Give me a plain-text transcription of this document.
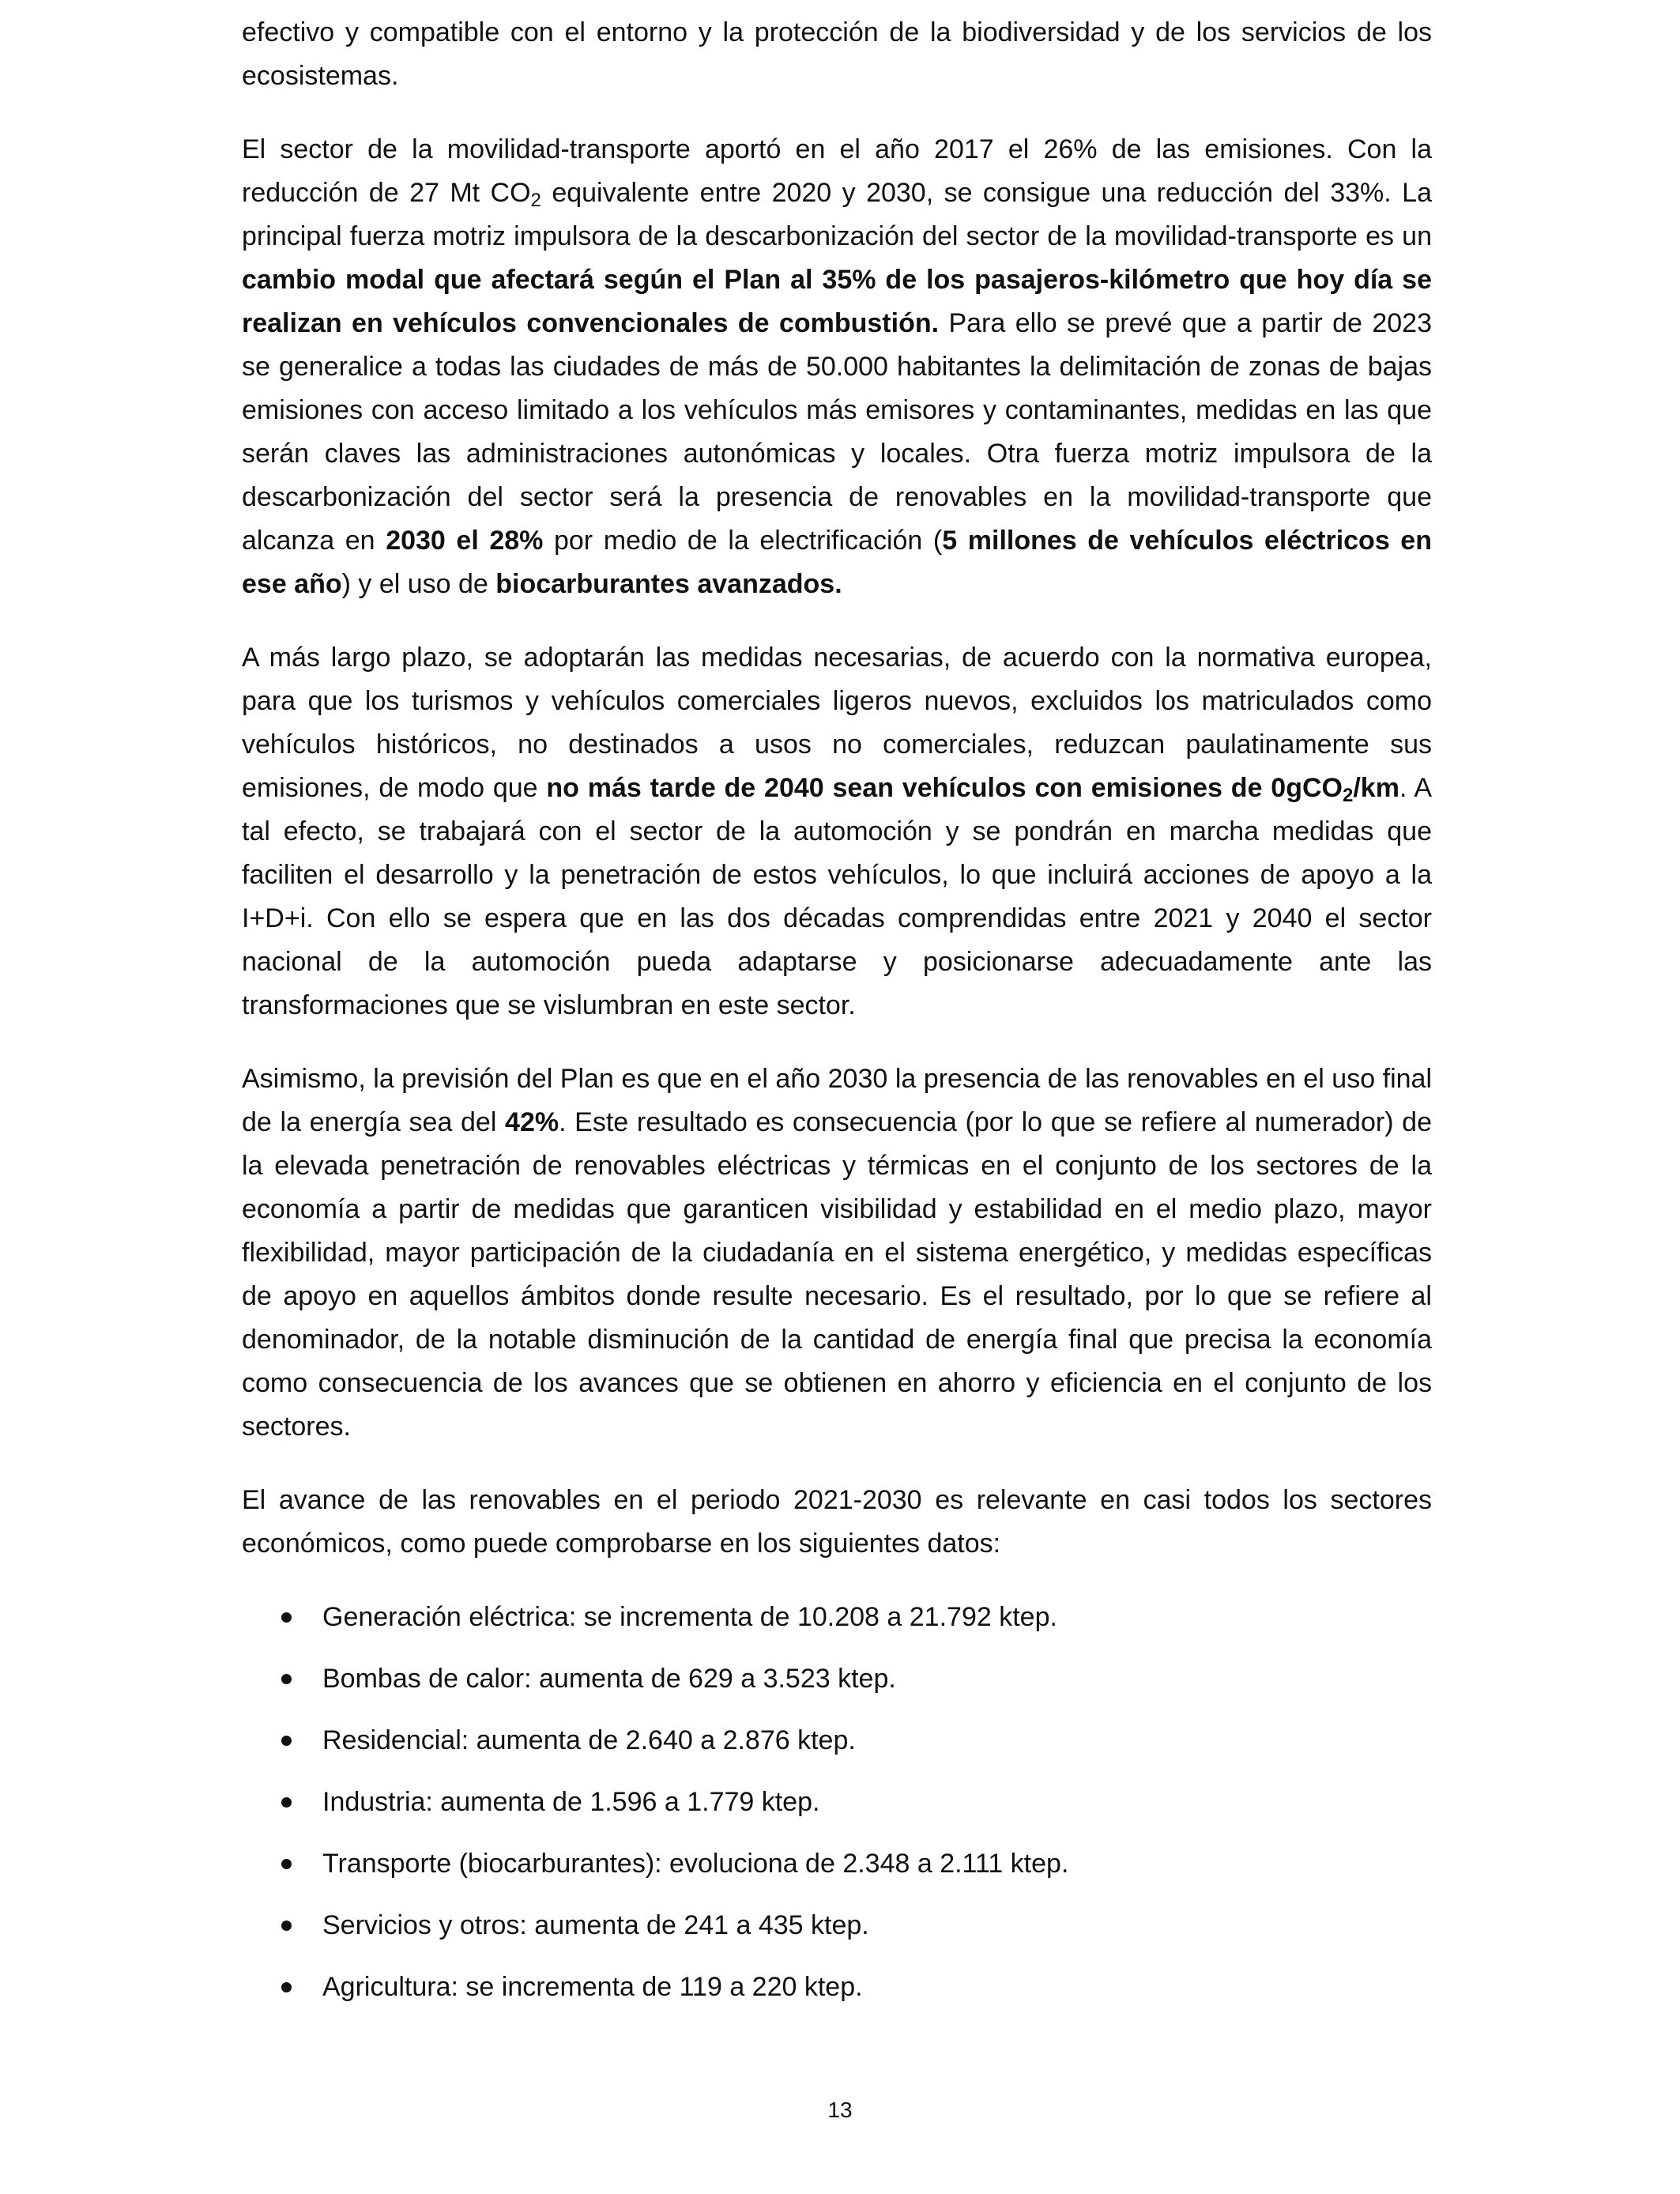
efectivo y compatible con el entorno y la protección de la biodiversidad y de los servicios de los ecosistemas.

El sector de la movilidad-transporte aportó en el año 2017 el 26% de las emisiones. Con la reducción de 27 Mt $CO_2$ equivalente entre 2020 y 2030, se consigue una reducción del 33%. La principal fuerza motriz impulsora de la descarbonización del sector de la movilidad-transporte es un cambio modal que afectará según el Plan al 35% de los pasajeros-kilómetro que hoy día se realizan en vehículos convencionales de combustión. Para ello se prevé que a partir de 2023 se generalice a todas las ciudades de más de 50.000 habitantes la delimitación de zonas de bajas emisiones con acceso limitado a los vehículos más emisores y contaminantes, medidas en las que serán claves las administraciones autonómicas y locales. Otra fuerza motriz impulsora de la descarbonización del sector será la presencia de renovables en la movilidad-transporte que alcanza en 2030 el 28% por medio de la electrificación (5 millones de vehículos eléctricos en ese año) y el uso de biocarburantes avanzados.

A más largo plazo, se adoptarán las medidas necesarias, de acuerdo con la normativa europea, para que los turismos y vehículos comerciales ligeros nuevos, excluidos los matriculados como vehículos históricos, no destinados a usos no comerciales, reduzcan paulatinamente sus emisiones, de modo que no más tarde de 2040 sean vehículos con emisiones de 0gCO$_2$/km. A tal efecto, se trabajará con el sector de la automoción y se pondrán en marcha medidas que faciliten el desarrollo y la penetración de estos vehículos, lo que incluirá acciones de apoyo a la I+D+i. Con ello se espera que en las dos décadas comprendidas entre 2021 y 2040 el sector nacional de la automoción pueda adaptarse y posicionarse adecuadamente ante las transformaciones que se vislumbran en este sector.

Asimismo, la previsión del Plan es que en el año 2030 la presencia de las renovables en el uso final de la energía sea del 42%. Este resultado es consecuencia (por lo que se refiere al numerador) de la elevada penetración de renovables eléctricas y térmicas en el conjunto de los sectores de la economía a partir de medidas que garanticen visibilidad y estabilidad en el medio plazo, mayor flexibilidad, mayor participación de la ciudadanía en el sistema energético, y medidas específicas de apoyo en aquellos ámbitos donde resulte necesario. Es el resultado, por lo que se refiere al denominador, de la notable disminución de la cantidad de energía final que precisa la economía como consecuencia de los avances que se obtienen en ahorro y eficiencia en el conjunto de los sectores.

El avance de las renovables en el periodo 2021-2030 es relevante en casi todos los sectores económicos, como puede comprobarse en los siguientes datos:

Generación eléctrica: se incrementa de 10.208 a 21.792 ktep.
Bombas de calor: aumenta de 629 a 3.523 ktep.
Residencial: aumenta de 2.640 a 2.876 ktep.
Industria: aumenta de 1.596 a 1.779 ktep.
Transporte (biocarburantes): evoluciona de 2.348 a 2.111 ktep.
Servicios y otros: aumenta de 241 a 435 ktep.
Agricultura: se incrementa de 119 a 220 ktep.
13
